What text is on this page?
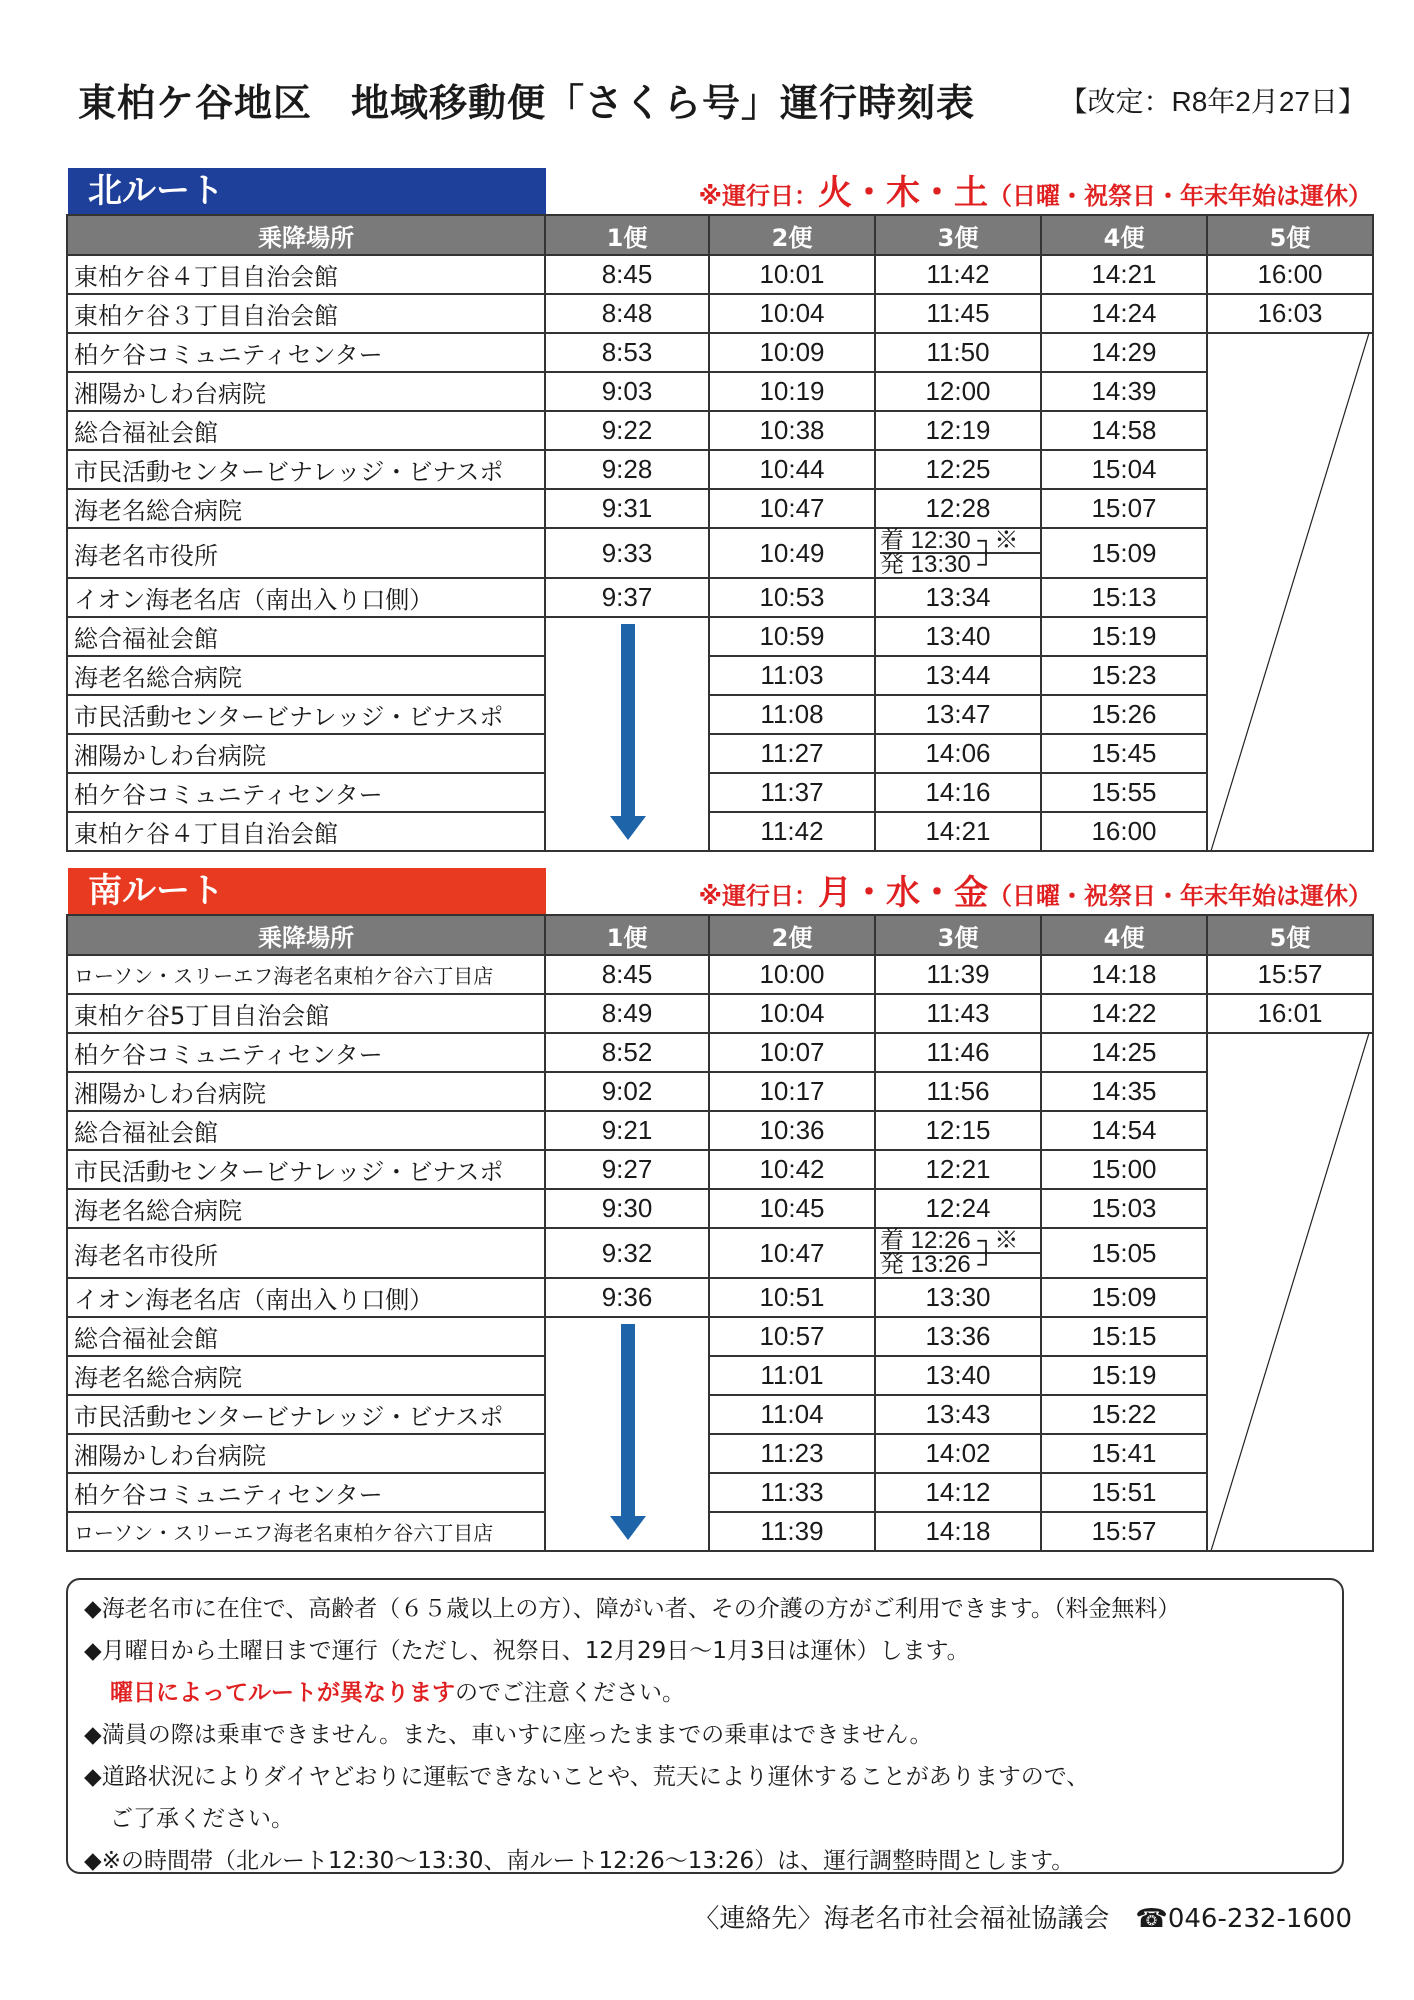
東柏ケ谷地区　地域移動便「さくら号」運行時刻表	【改定：R8年2月27日】
北ルート	※運行日：火・木・土（日曜・祝祭日・年末年始は運休）
乗降場所	1便	2便	3便	4便	5便
東柏ケ谷４丁目自治会館	8:45	10:01	11:42	14:21	16:00
東柏ケ谷３丁目自治会館	8:48	10:04	11:45	14:24	16:03
柏ケ谷コミュニティセンター	8:53	10:09	11:50	14:29	

湘陽かしわ台病院	9:03	10:19	12:00	14:39	
総合福祉会館	9:22	10:38	12:19	14:58	
市民活動センタービナレッジ・ビナスポ	9:28	10:44	12:25	15:04	
海老名総合病院	9:31	10:47	12:28	15:07	
海老名市役所	9:33	10:49	着 12:30 ┐※
発 13:30 ┘	15:09	
イオン海老名店（南出入り口側）	9:37	10:53	13:34	15:13	
総合福祉会館		10:59	13:40	15:19	
海老名総合病院		11:03	13:44	15:23	
市民活動センタービナレッジ・ビナスポ		11:08	13:47	15:26	
湘陽かしわ台病院		11:27	14:06	15:45	
柏ケ谷コミュニティセンター		11:37	14:16	15:55	
東柏ケ谷４丁目自治会館		11:42	14:21	16:00	
南ルート	※運行日：月・水・金（日曜・祝祭日・年末年始は運休）
乗降場所	1便	2便	3便	4便	5便
ローソン・スリーエフ海老名東柏ケ谷六丁目店	8:45	10:00	11:39	14:18	15:57
東柏ケ谷5丁目自治会館	8:49	10:04	11:43	14:22	16:01
柏ケ谷コミュニティセンター	8:52	10:07	11:46	14:25	

湘陽かしわ台病院	9:02	10:17	11:56	14:35	
総合福祉会館	9:21	10:36	12:15	14:54	
市民活動センタービナレッジ・ビナスポ	9:27	10:42	12:21	15:00	
海老名総合病院	9:30	10:45	12:24	15:03	
海老名市役所	9:32	10:47	着 12:26 ┐※
発 13:26 ┘	15:05	
イオン海老名店（南出入り口側）	9:36	10:51	13:30	15:09	
総合福祉会館		10:57	13:36	15:15	
海老名総合病院		11:01	13:40	15:19	
市民活動センタービナレッジ・ビナスポ		11:04	13:43	15:22	
湘陽かしわ台病院		11:23	14:02	15:41	
柏ケ谷コミュニティセンター		11:33	14:12	15:51	
ローソン・スリーエフ海老名東柏ケ谷六丁目店		11:39	14:18	15:57	
◆海老名市に在住で、高齢者（６５歳以上の方）、障がい者、その介護の方がご利用できます。（料金無料）
◆月曜日から土曜日まで運行（ただし、祝祭日、12月29日～1月3日は運休）します。
曜日によってルートが異なりますのでご注意ください。
◆満員の際は乗車できません。また、車いすに座ったままでの乗車はできません。
◆道路状況によりダイヤどおりに運転できないことや、荒天により運休することがありますので、
ご了承ください。
◆※の時間帯（北ルート12:30～13:30、南ルート12:26～13:26）は、運行調整時間とします。
〈連絡先〉海老名市社会福祉協議会　 ☎046-232-1600
